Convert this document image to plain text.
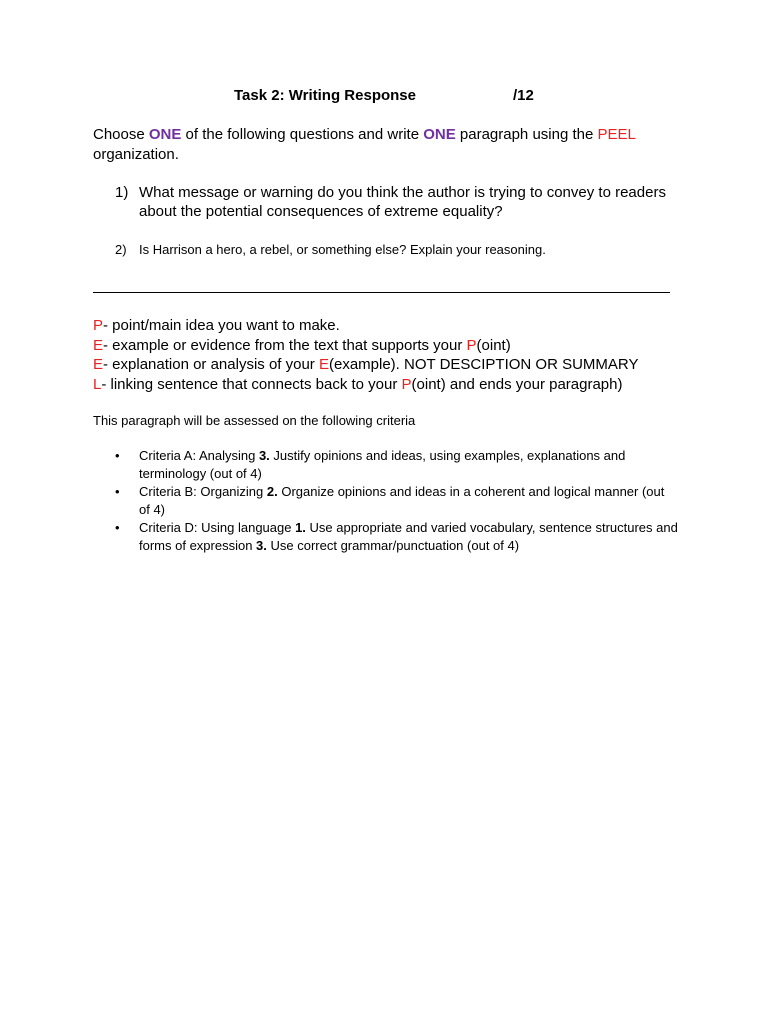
Task 2: Writing Response	/12
Choose ONE of the following questions and write ONE paragraph using the PEEL organization.
1) What message or warning do you think the author is trying to convey to readers about the potential consequences of extreme equality?
2) Is Harrison a hero, a rebel, or something else? Explain your reasoning.
P- point/main idea you want to make.
E- example or evidence from the text that supports your P(oint)
E- explanation or analysis of your E(example). NOT DESCIPTION OR SUMMARY
L- linking sentence that connects back to your P(oint) and ends your paragraph)
This paragraph will be assessed on the following criteria
•	Criteria A: Analysing 3. Justify opinions and ideas, using examples, explanations and terminology (out of 4)
•	Criteria B: Organizing 2. Organize opinions and ideas in a coherent and logical manner (out of 4)
•	Criteria D: Using language 1. Use appropriate and varied vocabulary, sentence structures and forms of expression 3. Use correct grammar/punctuation (out of 4)
